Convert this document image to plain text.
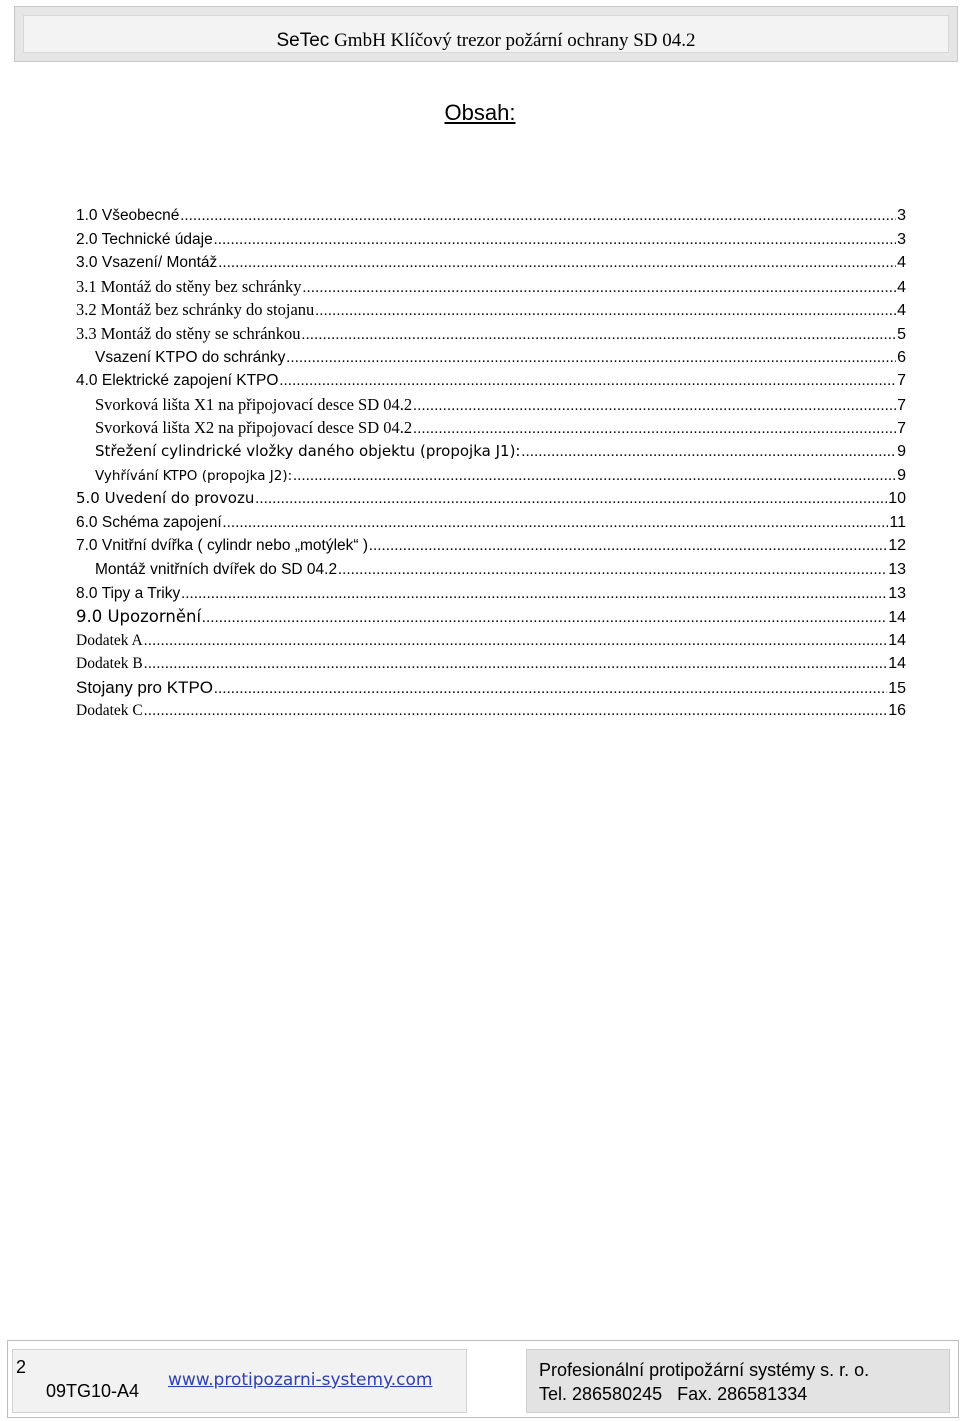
SeTec GmbH Klíčový trezor požární ochrany SD 04.2
Obsah:
1.0 Všeobecné .....	3
2.0 Technické údaje .....	3
3.0 Vsazení/ Montáž .....	4
3.1 Montáž do stěny bez schránky .....	4
3.2 Montáž bez schránky do stojanu .....	4
3.3 Montáž do stěny se schránkou .....	5
Vsazení KTPO do schránky .....	6
4.0 Elektrické zapojení KTPO .....	7
Svorková lišta X1 na připojovací desce SD 04.2 .....	7
Svorková lišta X2 na připojovací desce SD 04.2 .....	7
Střežení cylindrické vložky daného objektu (propojka J1): .....	9
Vyhřívání KTPO (propojka J2): .....	9
5.0 Uvedení do provozu .....	10
6.0 Schéma zapojení .....	11
7.0 Vnitřní dvířka ( cylindr nebo „motýlek“ ) .....	12
Montáž vnitřních dvířek do SD 04.2 .....	13
8.0 Tipy a Triky .....	13
9.0 Upozornění .....	14
Dodatek A .....	14
Dodatek B .....	14
Stojany pro KTPO .....	15
Dodatek C .....	16
Profesionální protipožární systémy s. r. o.
Tel. 286580245   Fax. 286581334
2
09TG10-A4
www.protipozarni-systemy.com
